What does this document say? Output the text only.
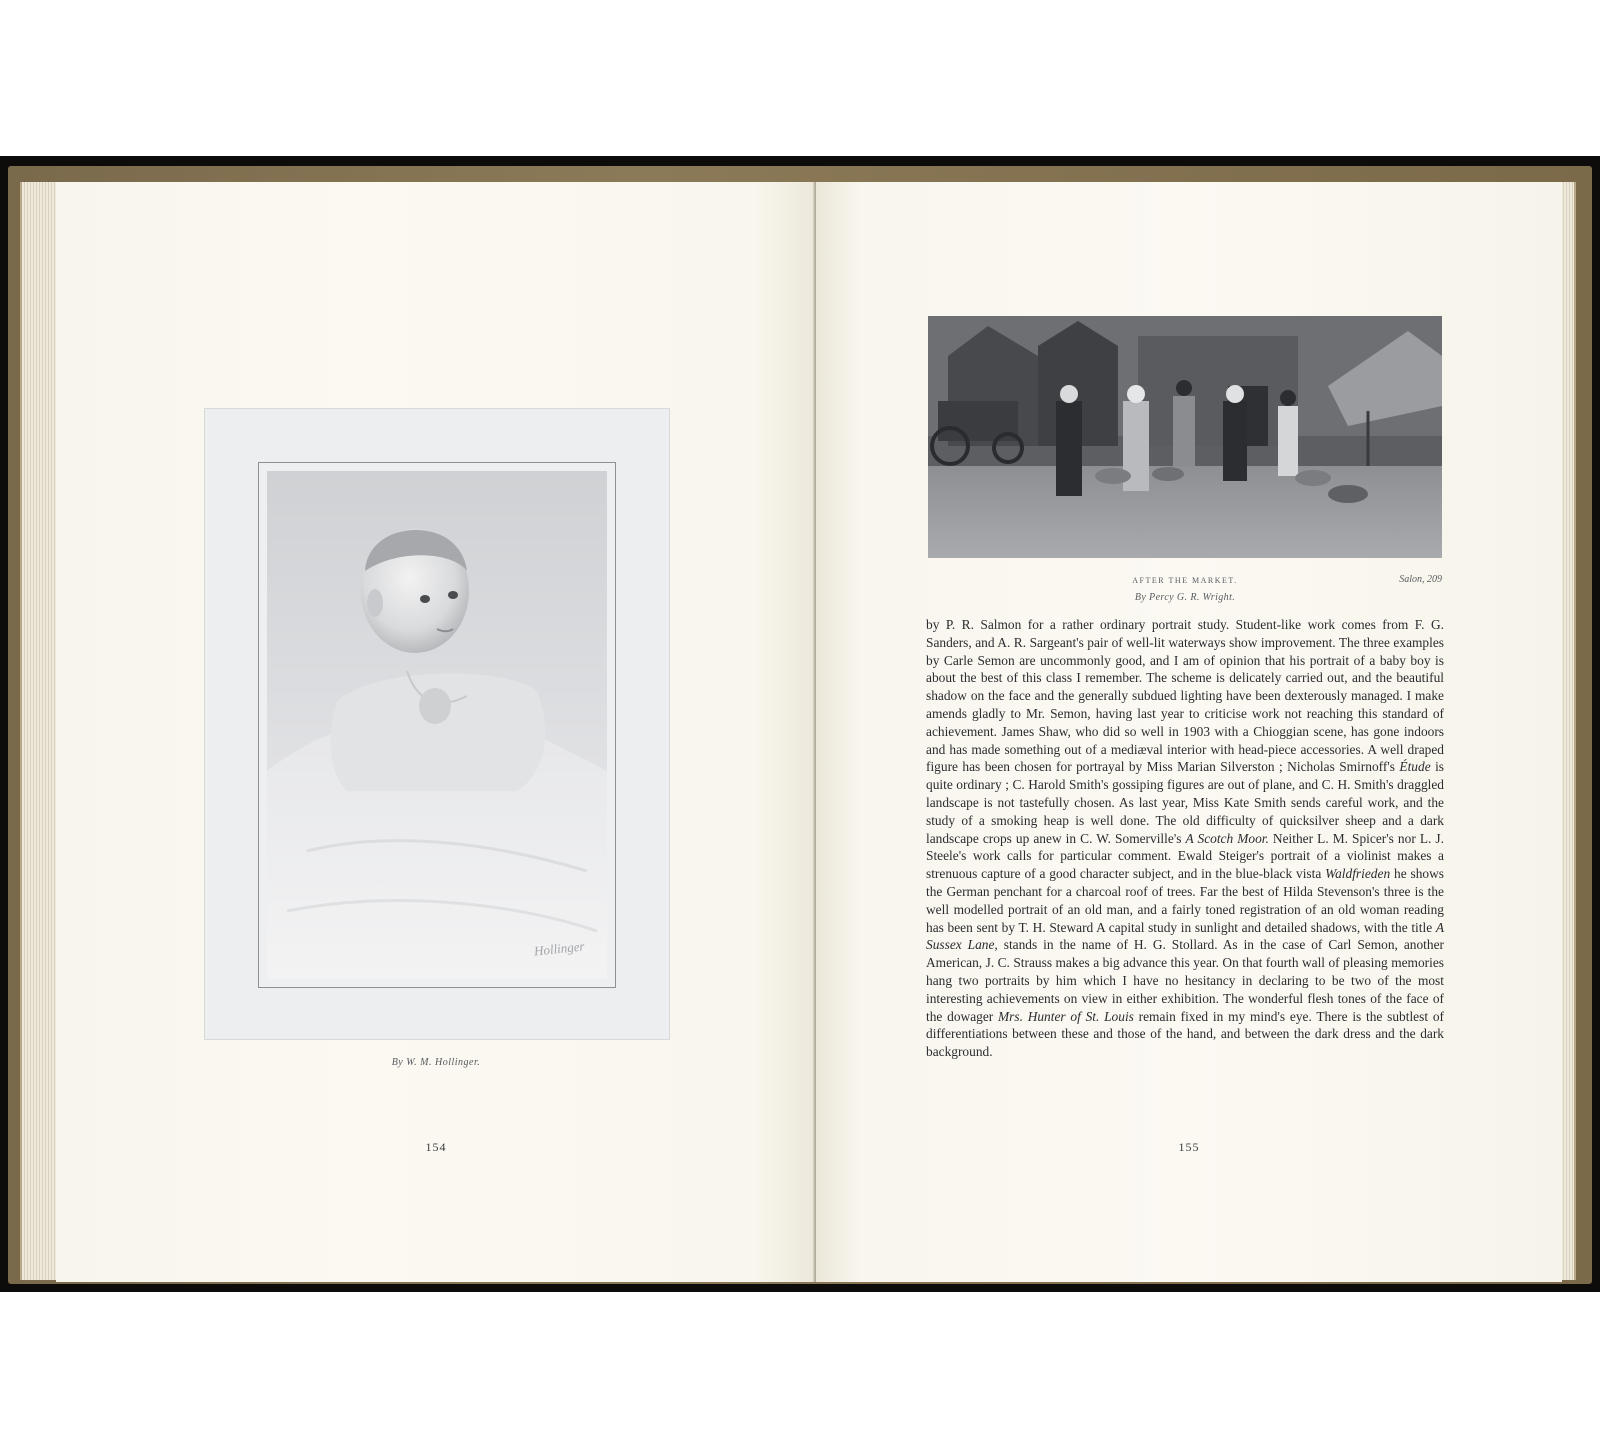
Hollinger
By W. M. Hollinger.
154
AFTER THE MARKET.	Salon, 209
By Percy G. R. Wright.

by P. R. Salmon for a rather ordinary portrait study. Student-like work comes from F. G. Sanders, and A. R. Sargeant's pair of well-lit waterways show improvement. The three examples by Carle Semon are uncommonly good, and I am of opinion that his portrait of a baby boy is about the best of this class I remember. The scheme is delicately carried out, and the beautiful shadow on the face and the generally subdued lighting have been dexterously managed. I make amends gladly to Mr. Semon, having last year to criticise work not reaching this standard of achievement. James Shaw, who did so well in 1903 with a Chioggian scene, has gone indoors and has made something out of a mediæval interior with head-piece accessories. A well draped figure has been chosen for portrayal by Miss Marian Silverston ; Nicholas Smirnoff's Étude is quite ordinary ; C. Harold Smith's gossiping figures are out of plane, and C. H. Smith's draggled landscape is not tastefully chosen. As last year, Miss Kate Smith sends careful work, and the study of a smoking heap is well done. The old difficulty of quicksilver sheep and a dark landscape crops up anew in C. W. Somerville's A Scotch Moor. Neither L. M. Spicer's nor L. J. Steele's work calls for particular comment. Ewald Steiger's portrait of a violinist makes a strenuous capture of a good character subject, and in the blue-black vista Waldfrieden he shows the German penchant for a charcoal roof of trees. Far the best of Hilda Stevenson's three is the well modelled portrait of an old man, and a fairly toned registration of an old woman reading has been sent by T. H. Steward A capital study in sunlight and detailed shadows, with the title A Sussex Lane, stands in the name of H. G. Stollard. As in the case of Carl Semon, another American, J. C. Strauss makes a big advance this year. On that fourth wall of pleasing memories hang two portraits by him which I have no hesitancy in declaring to be two of the most interesting achievements on view in either exhibition. The wonderful flesh tones of the face of the dowager Mrs. Hunter of St. Louis remain fixed in my mind's eye. There is the subtlest of differentiations between these and those of the hand, and between the dark dress and the dark background.

155
